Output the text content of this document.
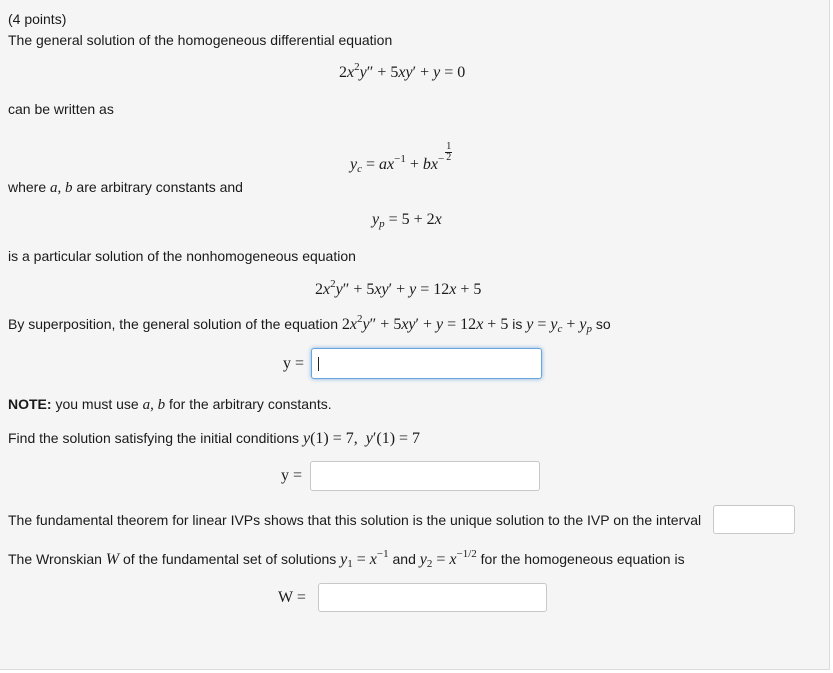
(4 points)
The general solution of the homogeneous differential equation
$2x^2y'' + 5xy' + y = 0$
can be written as
$y_c = ax^{-1} + bx^- \frac{1}{2}$
where a, b are arbitrary constants and
$y_p = 5 + 2x$
is a particular solution of the nonhomogeneous equation
$2x^2y'' + 5xy' + y = 12x + 5$
By superposition, the general solution of the equation $2x^2y'' + 5xy' + y = 12x + 5$ is $y = y_c + y_p$ so
y =
NOTE: you must use a, b for the arbitrary constants.
Find the solution satisfying the initial conditions y(1) = 7, y′(1) = 7
y =
The fundamental theorem for linear IVPs shows that this solution is the unique solution to the IVP on the interval
The Wronskian W of the fundamental set of solutions $y_1 = x^{-1}$ and $y_2 = x^{-1/2}$ for the homogeneous equation is
W =
